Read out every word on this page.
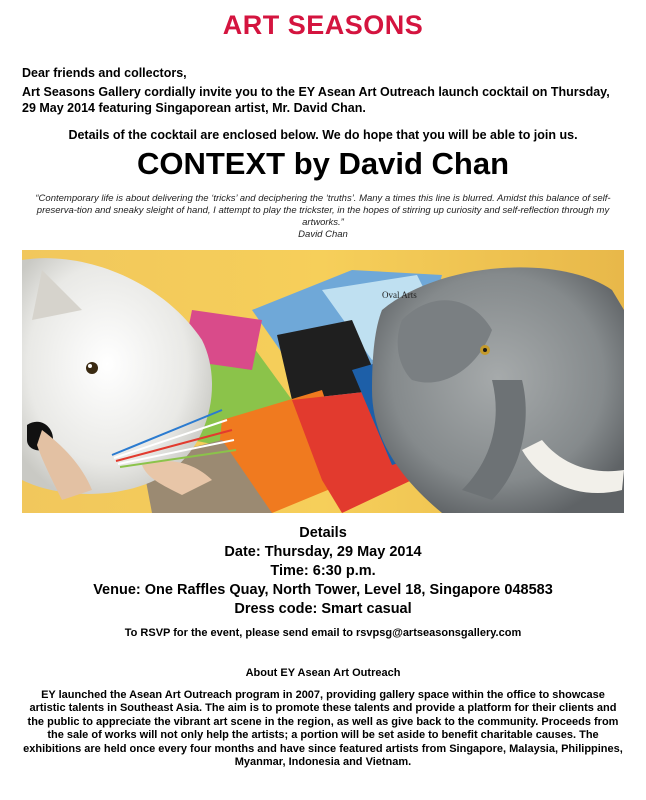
ART SEASONS
Dear friends and collectors,
Art Seasons Gallery cordially invite you to the EY Asean Art Outreach launch cocktail on Thursday, 29 May 2014 featuring Singaporean artist, Mr. David Chan.
Details of the cocktail are enclosed below. We do hope that you will be able to join us.
CONTEXT by David Chan
“Contemporary life is about delivering the ‘tricks’ and deciphering the ‘truths’. Many a times this line is blurred. Amidst this balance of self-preserva-tion and sneaky sleight of hand, I attempt to play the trickster, in the hopes of stirring up curiosity and self-reflection through my artworks.”
David Chan
Oval Arts
Details
Date: Thursday, 29 May 2014
Time: 6:30 p.m.
Venue: One Raffles Quay, North Tower, Level 18, Singapore 048583
Dress code: Smart casual
To RSVP for the event, please send email to rsvpsg@artseasonsgallery.com
About EY Asean Art Outreach
EY launched the Asean Art Outreach program in 2007, providing gallery space within the office to showcase artistic talents in Southeast Asia. The aim is to promote these talents and provide a platform for their clients and the public to appreciate the vibrant art scene in the region, as well as give back to the community. Proceeds from the sale of works will not only help the artists; a portion will be set aside to benefit charitable causes. The exhibitions are held once every four months and have since featured artists from Singapore, Malaysia, Philippines, Myanmar, Indonesia and Vietnam.
